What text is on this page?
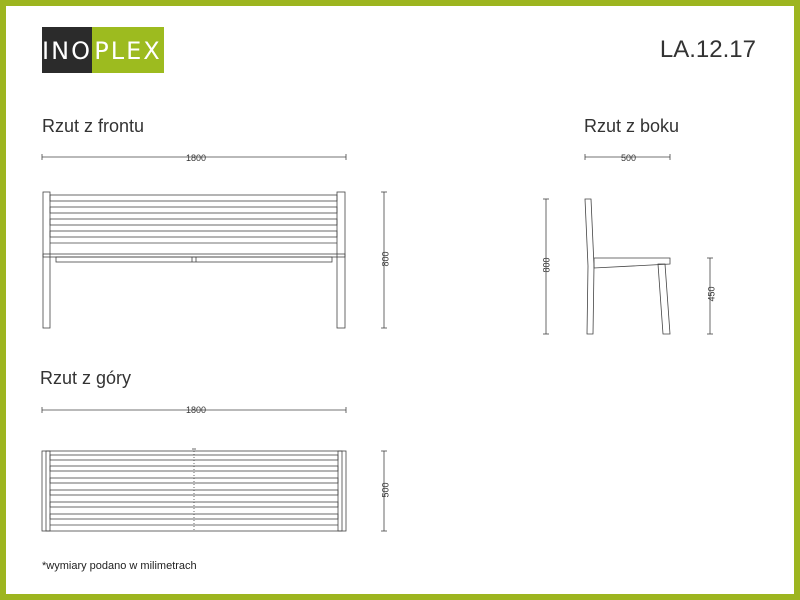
INO PLEX	LA.12.17
Rzut z frontu	Rzut z boku
Rzut z góry
1800
800
500
800
450
1800
500
*wymiary podano w milimetrach
